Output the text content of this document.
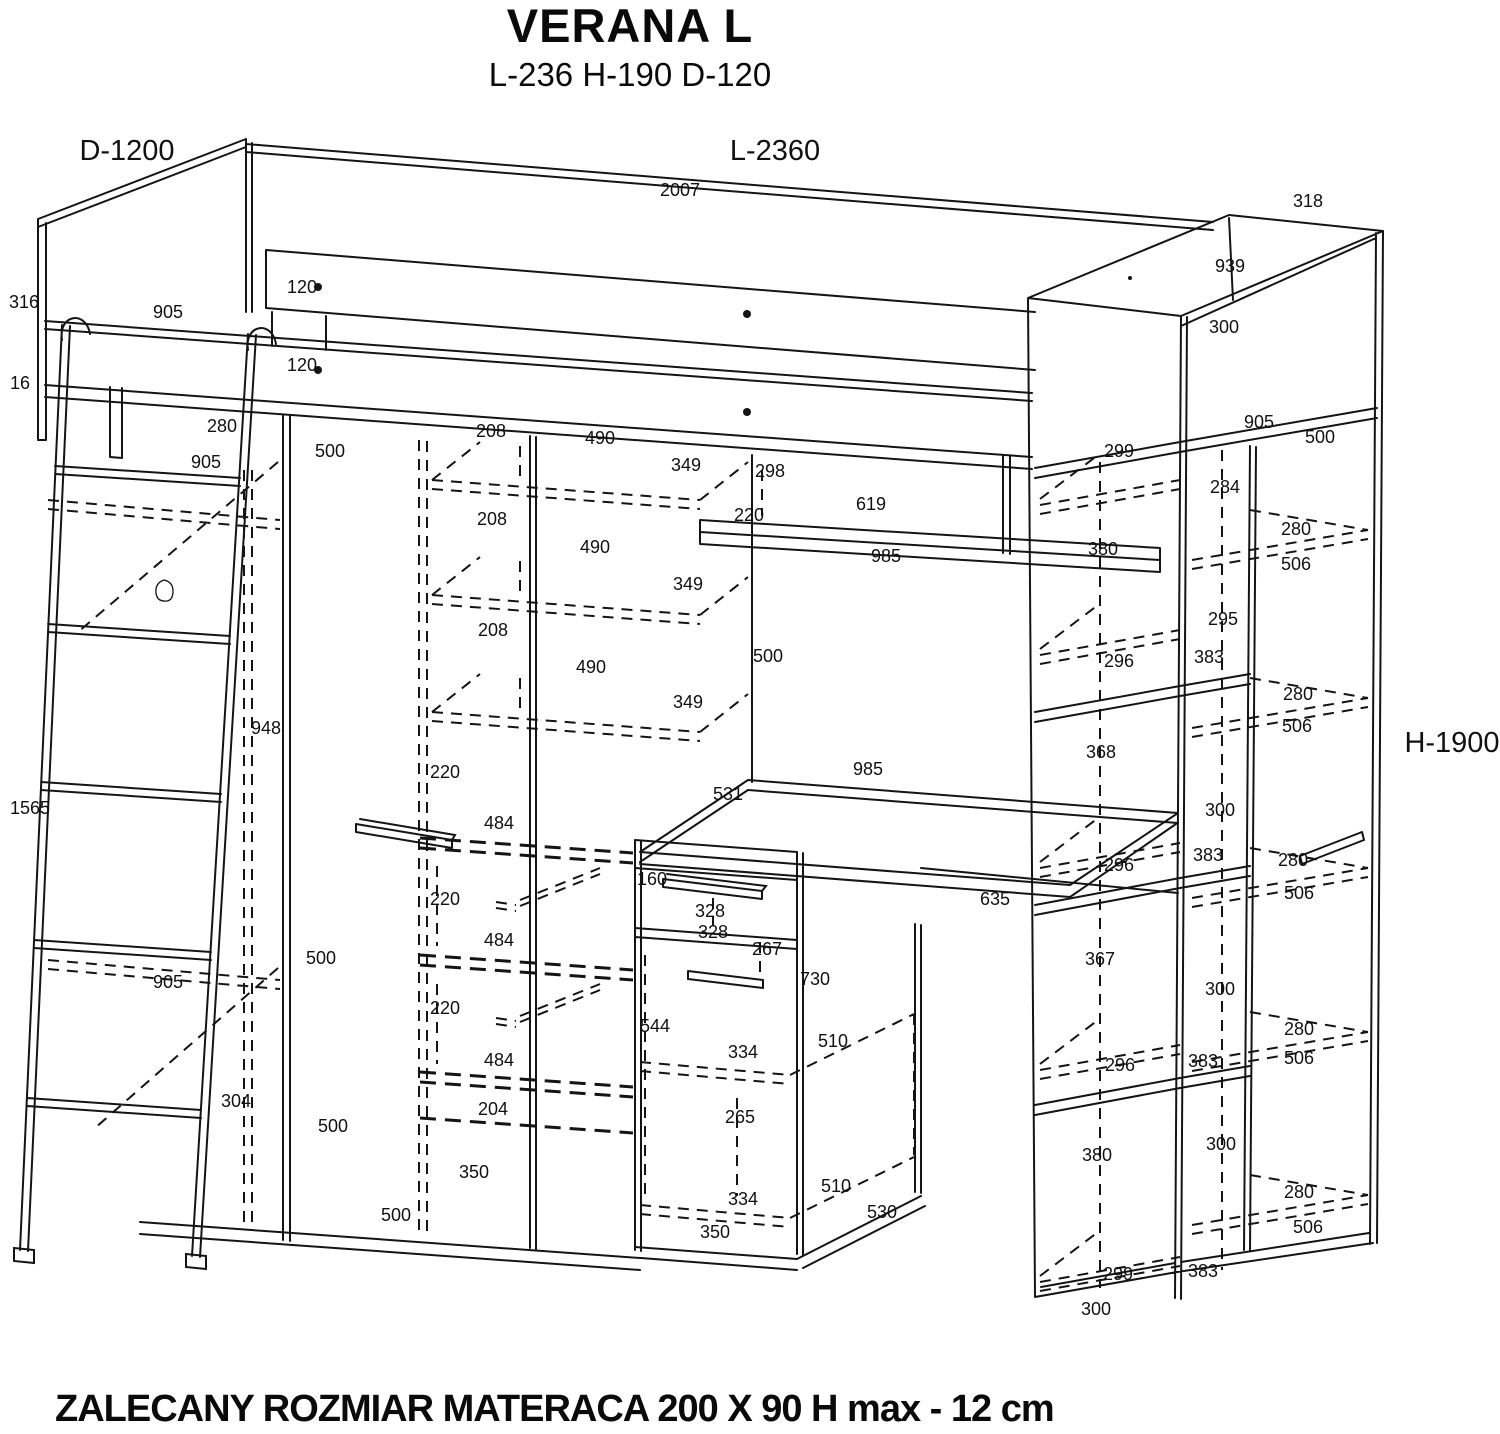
VERANA L
L-236 H-190 D-120
ZALECANY ROZMIAR MATERACA 200 X 90 H max - 12 cm
2007
318
939
300
316	905
120
120
16
280
905
500
208	490
349	298
905
500
299
284
220
619
985
280
380
506
208
490
349
295
383
296
500
208
490
349	280
506
948
368
220	985
531
1565	300
484
383	280
296
160
635
220	506
328
328
267
500	367
730
905	300
484
220
544	280
510
334	506
484	383
296
304	204	265
500
300
380
350
510	280
334
530
500
506
350
383
299
300
D-1200	L-2360
H-1900
